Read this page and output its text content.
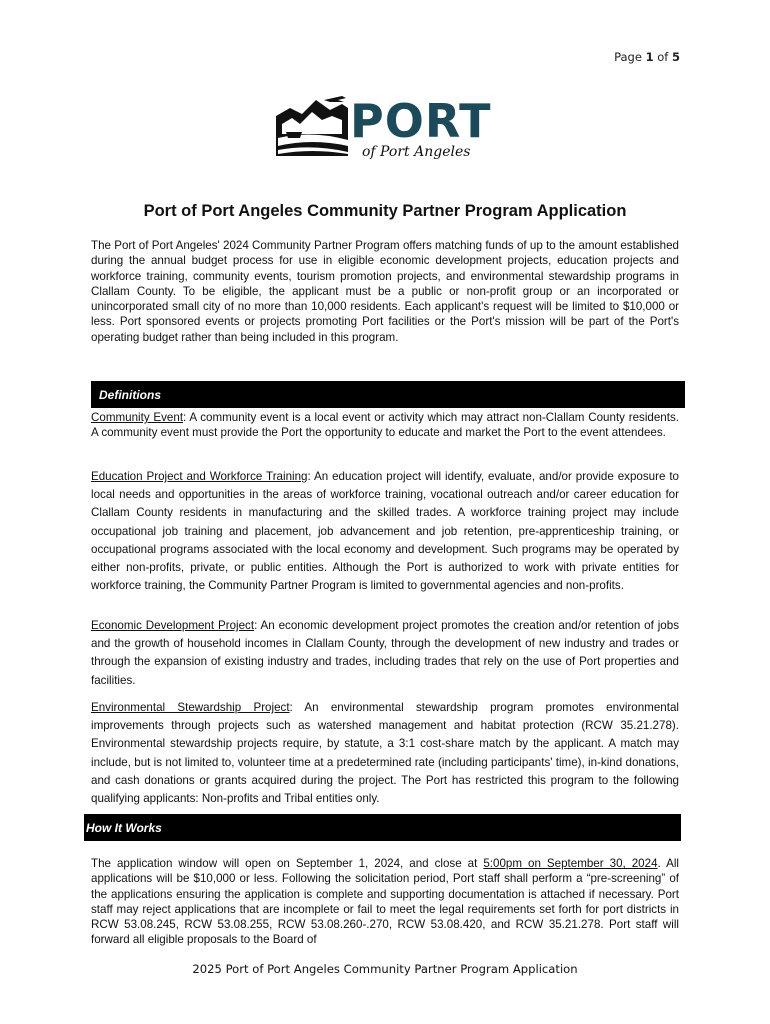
Page 1 of 5
PORT
of Port Angeles
Port of Port Angeles Community Partner Program Application
The Port of Port Angeles' 2024 Community Partner Program offers matching funds of up to the amount established during the annual budget process for use in eligible economic development projects, education projects and workforce training, community events, tourism promotion projects, and environmental stewardship programs in Clallam County. To be eligible, the applicant must be a public or non-profit group or an incorporated or unincorporated small city of no more than 10,000 residents. Each applicant's request will be limited to $10,000 or less. Port sponsored events or projects promoting Port facilities or the Port's mission will be part of the Port's operating budget rather than being included in this program.
Definitions
Community Event: A community event is a local event or activity which may attract non-Clallam County residents. A community event must provide the Port the opportunity to educate and market the Port to the event attendees.
Education Project and Workforce Training: An education project will identify, evaluate, and/or provide exposure to local needs and opportunities in the areas of workforce training, vocational outreach and/or career education for Clallam County residents in manufacturing and the skilled trades. A workforce training project may include occupational job training and placement, job advancement and job retention, pre-apprenticeship training, or occupational programs associated with the local economy and development. Such programs may be operated by either non-profits, private, or public entities. Although the Port is authorized to work with private entities for workforce training, the Community Partner Program is limited to governmental agencies and non-profits.
Economic Development Project: An economic development project promotes the creation and/or retention of jobs and the growth of household incomes in Clallam County, through the development of new industry and trades or through the expansion of existing industry and trades, including trades that rely on the use of Port properties and facilities.
Environmental Stewardship Project: An environmental stewardship program promotes environmental improvements through projects such as watershed management and habitat protection (RCW 35.21.278). Environmental stewardship projects require, by statute, a 3:1 cost-share match by the applicant. A match may include, but is not limited to, volunteer time at a predetermined rate (including participants' time), in-kind donations, and cash donations or grants acquired during the project. The Port has restricted this program to the following qualifying applicants: Non-profits and Tribal entities only.
How It Works
The application window will open on September 1, 2024, and close at 5:00pm on September 30, 2024. All applications will be $10,000 or less. Following the solicitation period, Port staff shall perform a “pre-screening” of the applications ensuring the application is complete and supporting documentation is attached if necessary. Port staff may reject applications that are incomplete or fail to meet the legal requirements set forth for port districts in RCW 53.08.245, RCW 53.08.255, RCW 53.08.260-.270, RCW 53.08.420, and RCW 35.21.278. Port staff will forward all eligible proposals to the Board of
2025 Port of Port Angeles Community Partner Program Application
